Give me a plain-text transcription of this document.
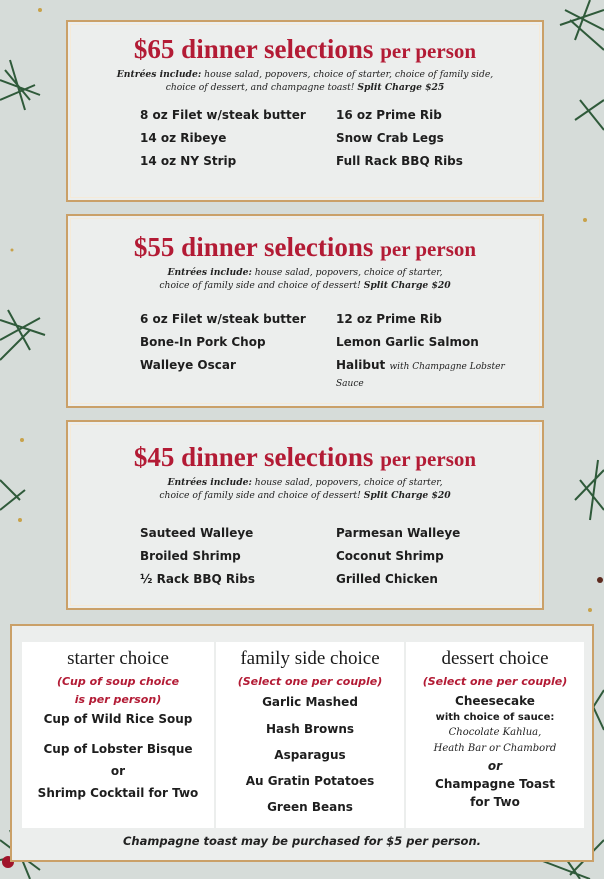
$65 dinner selections per person
Entrées include: house salad, popovers, choice of starter, choice of family side,
choice of dessert, and champagne toast! Split Charge $25
8 oz Filet w/steak butter	16 oz Prime Rib
14 oz Ribeye	Snow Crab Legs
14 oz NY Strip	Full Rack BBQ Ribs
$55 dinner selections per person
Entrées include: house salad, popovers, choice of starter,
choice of family side and choice of dessert! Split Charge $20
6 oz Filet w/steak butter	12 oz Prime Rib
Bone-In Pork Chop	Lemon Garlic Salmon
Walleye Oscar	Halibut with Champagne Lobster Sauce
$45 dinner selections per person
Entrées include: house salad, popovers, choice of starter,
choice of family side and choice of dessert! Split Charge $20
Sauteed Walleye	Parmesan Walleye
Broiled Shrimp	Coconut Shrimp
½ Rack BBQ Ribs	Grilled Chicken
starter choice
(Cup of soup choice
is per person)
Cup of Wild Rice Soup
Cup of Lobster Bisque
or
Shrimp Cocktail for Two
family side choice
(Select one per couple)
Garlic Mashed
Hash Browns
Asparagus
Au Gratin Potatoes
Green Beans
dessert choice
(Select one per couple)
Cheesecake
with choice of sauce:
Chocolate Kahlua,
Heath Bar or Chambord
or
Champagne Toast
for Two
Champagne toast may be purchased for $5 per person.
